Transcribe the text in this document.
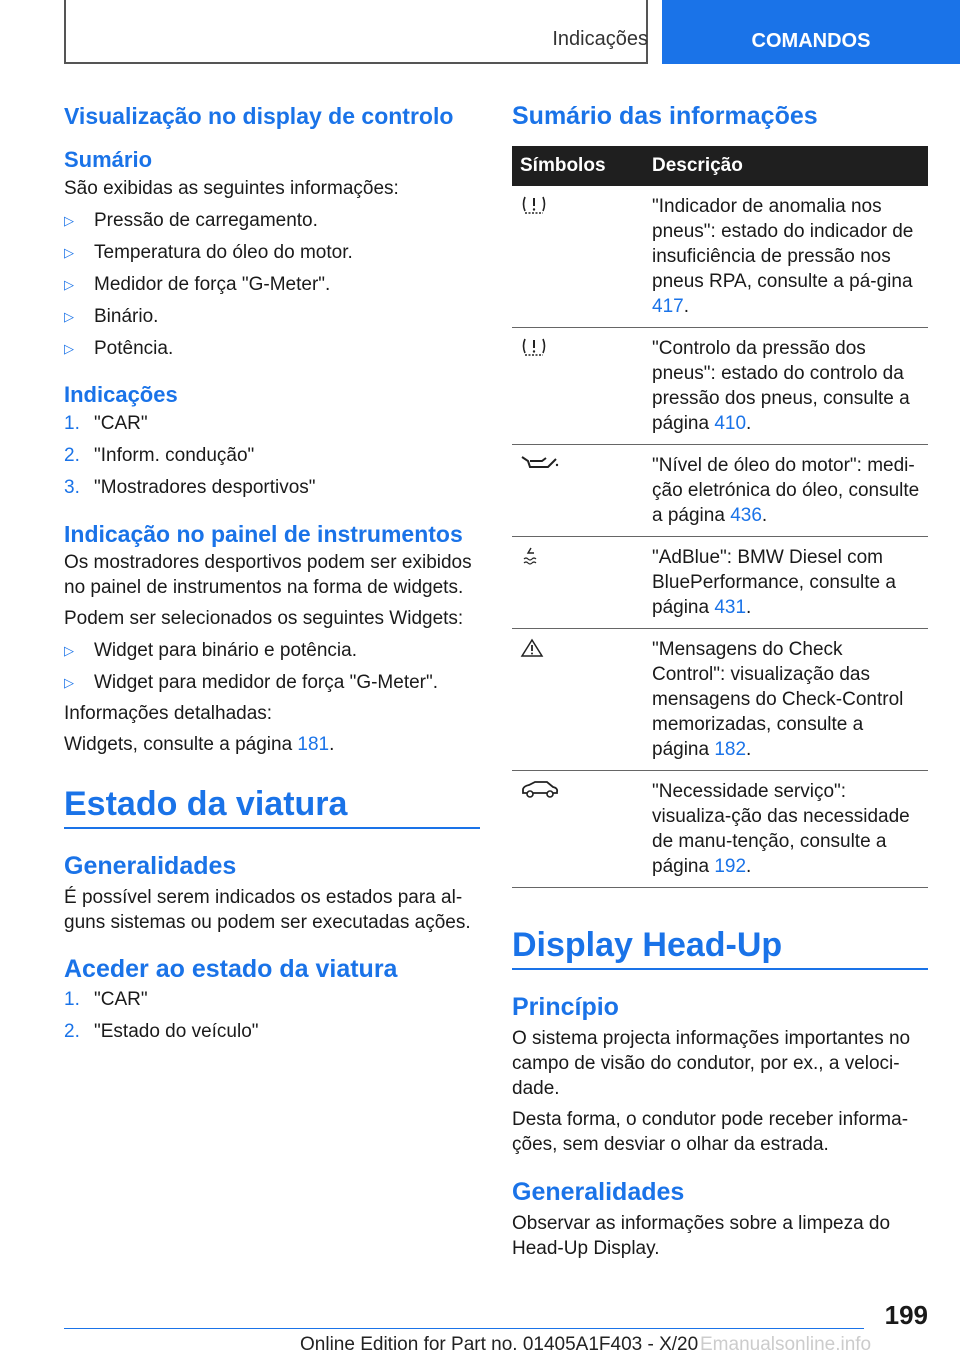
Indicações	COMANDOS
Visualização no display de controlo
Sumário

São exibidas as seguintes informações:

▷	Pressão de carregamento.
▷	Temperatura do óleo do motor.
▷	Medidor de força "G-Meter".
▷	Binário.
▷	Potência.
Indicações
1. "CAR"
2. "Inform. condução"
3. "Mostradores desportivos"
Indicação no painel de instrumentos

Os mostradores desportivos podem ser exibidos no painel de instrumentos na forma de widgets.

Podem ser selecionados os seguintes Widgets:

▷	Widget para binário e potência.
▷	Widget para medidor de força "G-Meter".

Informações detalhadas:

Widgets, consulte a página 181.

Estado da viatura
Generalidades

É possível serem indicados os estados para al-guns sistemas ou podem ser executadas ações.

Aceder ao estado da viatura
1. "CAR"
2. "Estado do veículo"
Sumário das informações
Símbolos	Descrição

	"Indicador de anomalia nos pneus": estado do indicador de insuficiência de pressão nos pneus RPA, consulte a pá-gina 417.

	"Controlo da pressão dos pneus": estado do controlo da pressão dos pneus, consulte a página 410.

	"Nível de óleo do motor": medi-ção eletrónica do óleo, consulte a página 436.

	"AdBlue": BMW Diesel com BluePerformance, consulte a página 431.

	"Mensagens do Check Control": visualização das mensagens do Check-Control memorizadas, consulte a página 182.

	"Necessidade serviço": visualiza-ção das necessidade de manu-tenção, consulte a página 192.
Display Head-Up
Princípio

O sistema projecta informações importantes no campo de visão do condutor, por ex., a veloci-dade.

Desta forma, o condutor pode receber informa-ções, sem desviar o olhar da estrada.

Generalidades

Observar as informações sobre a limpeza do Head-Up Display.

199
Online Edition for Part no. 01405A1F403 - X/20 Emanualsonline.info
